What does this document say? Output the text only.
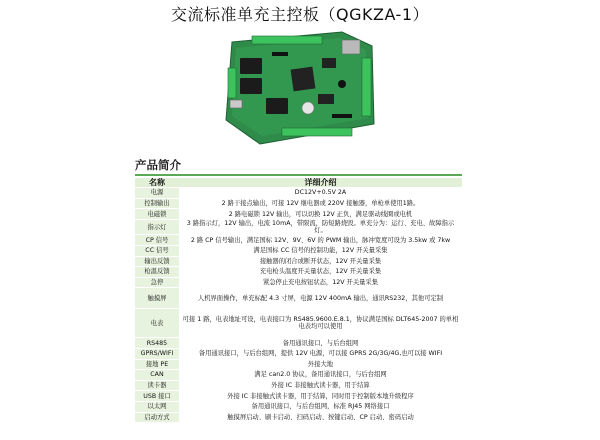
交流标准单充主控板（QGKZA-1）
产品简介
名称	详细介绍
电源	DC12V+0.5V 2A
控制输出	2 路干接点输出，可接 12V 继电器或 220V 接触器，单枪单使用1路。
电磁锁	2 路电磁锁 12V 输出，可以切换 12V 正负，满足驱动线圈或电机
指示灯	3 路指示灯，12V 输出，电流 10mA，带限流，防短路烧毁。单充分为：运行、充电、故障指示灯。
CP 信号	2 路 CP 信号输出，满足国标 12V、9V、6V 的 PWM 输出，脉冲宽度可设为 3.5kw 或 7kw
CC 信号	满足国标 CC 信号的控制功能，12V 开关量采集
输出反馈	接触器的闭合或断开状态，12V 开关量采集
枪温反馈	充电枪头温度开关量状态，12V 开关量采集
急停	紧急停止充电按钮状态，12V 开关量采集
触摸屏	人机界面操作，单充标配 4.3 寸屏，电源 12V 400mA 输出，通讯RS232，其他可定制
电表	可接 1 路，电表地址可设，电表接口为 RS485.9600.E.8.1，协议满足国标 DLT645-2007 的单相电表均可以使用
RS485	备用通讯接口，与后台组网
GPRS/WIFI	备用通讯接口，与后台组网，提供 12V 电源，可以接 GPRS 2G/3G/4G,也可以接 WIFI
接地 PE	外接大地
CAN	满足 can2.0 协议，备用通讯接口，与后台组网
读卡器	外接 IC 非接触式读卡器，用于结算
USB 接口	外接 IC 非接触式读卡器，用于结算，同时用于控制版本地升级程序
以太网	备用通讯接口，与后台组网，标准 RJ45 网络接口
启动方式	触摸屏启动、刷卡启动、扫码启动、按键启动、CP 启动、密码启动
